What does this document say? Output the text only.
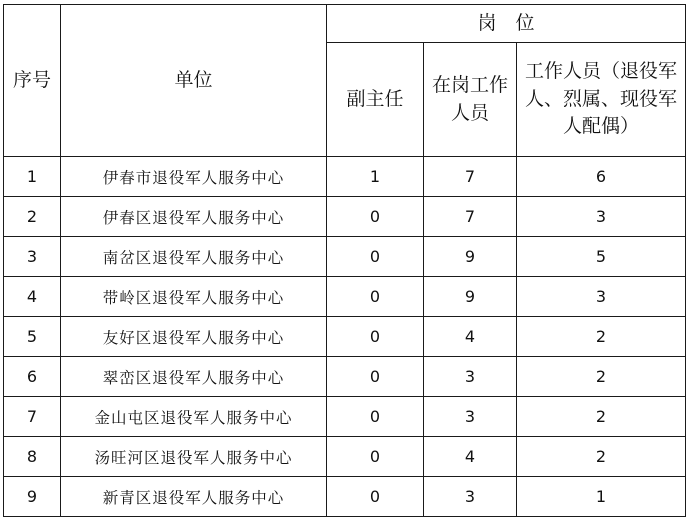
序号	单位	岗　位		
		副主任	在岗工作人员	工作人员（退役军人、烈属、现役军人配偶）
1	伊春市退役军人服务中心	1	7	6
2	伊春区退役军人服务中心	0	7	3
3	南岔区退役军人服务中心	0	9	5
4	带岭区退役军人服务中心	0	9	3
5	友好区退役军人服务中心	0	4	2
6	翠峦区退役军人服务中心	0	3	2
7	金山屯区退役军人服务中心	0	3	2
8	汤旺河区退役军人服务中心	0	4	2
9	新青区退役军人服务中心	0	3	1
